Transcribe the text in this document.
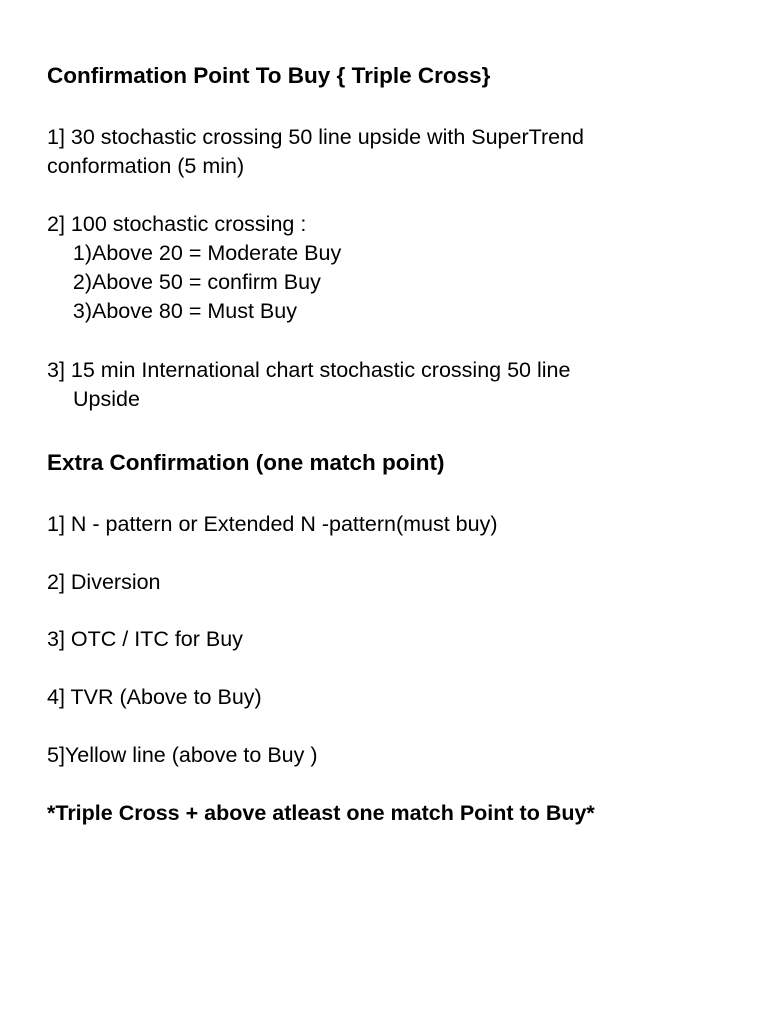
Confirmation Point To Buy { Triple Cross}
1] 30 stochastic crossing 50 line upside with SuperTrend
conformation (5 min)
2] 100 stochastic crossing :
1)Above 20 = Moderate Buy
2)Above 50 = confirm Buy
3)Above 80 = Must Buy
3] 15 min International chart stochastic crossing 50 line
Upside
Extra Confirmation (one match point)
1] N - pattern or Extended N -pattern(must buy)
2] Diversion
3] OTC / ITC for Buy
4] TVR (Above to Buy)
5]Yellow line (above to Buy )
*Triple Cross + above atleast one match Point to Buy*
